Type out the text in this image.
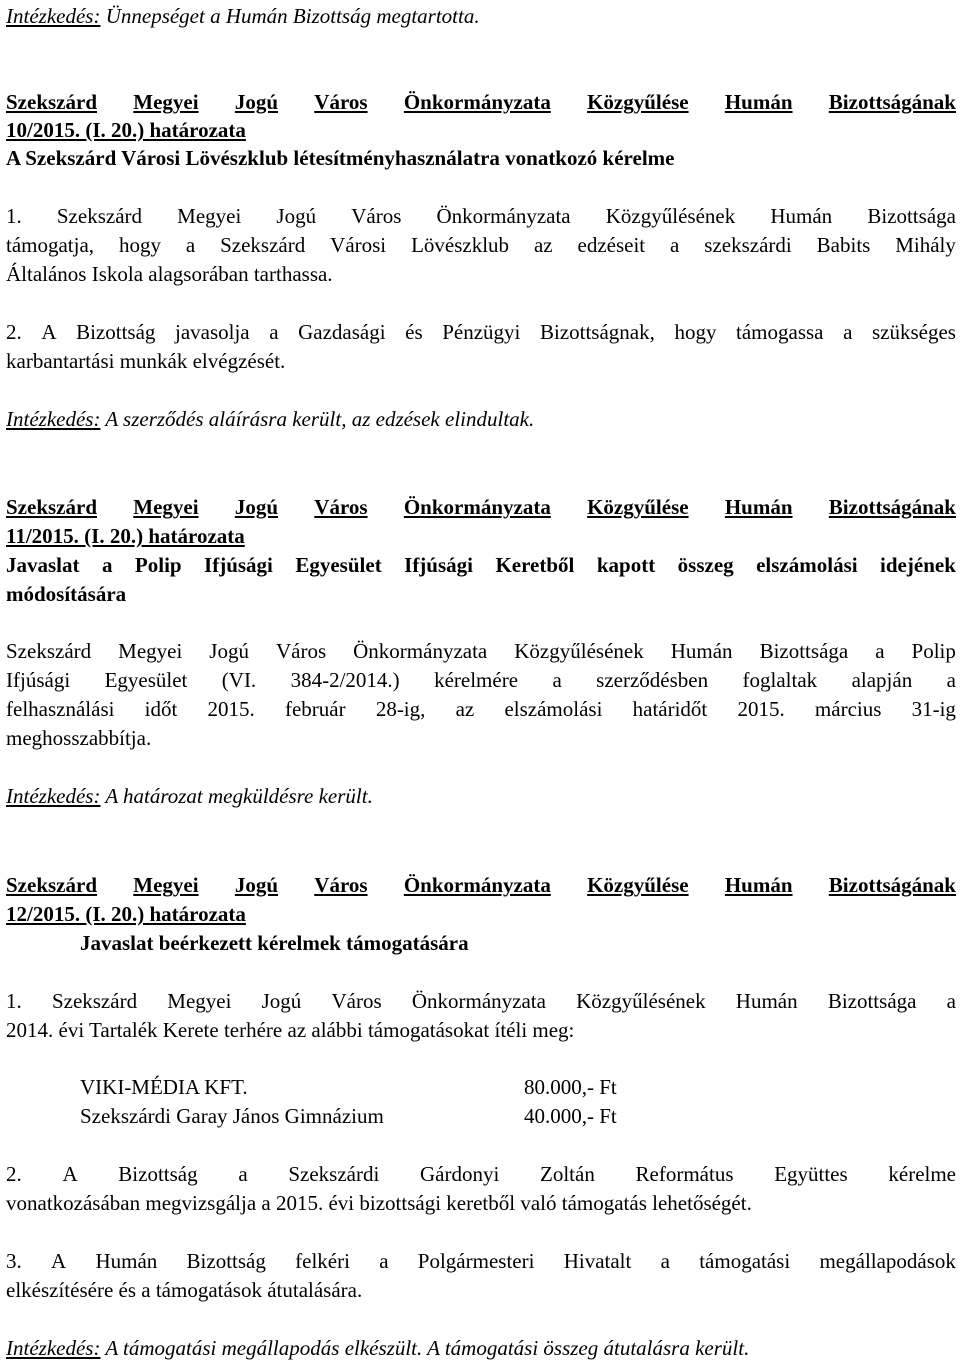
Intézkedés: Ünnepséget a Humán Bizottság megtartotta.
Szekszárd Megyei Jogú Város Önkormányzata Közgyűlése Humán Bizottságának
10/2015. (I. 20.) határozata
A Szekszárd Városi Lövészklub létesítményhasználatra vonatkozó kérelme
1. Szekszárd Megyei Jogú Város Önkormányzata Közgyűlésének Humán Bizottsága
támogatja, hogy a Szekszárd Városi Lövészklub az edzéseit a szekszárdi Babits Mihály
Általános Iskola alagsorában tarthassa.
2. A Bizottság javasolja a Gazdasági és Pénzügyi Bizottságnak, hogy támogassa a szükséges
karbantartási munkák elvégzését.
Intézkedés: A szerződés aláírásra került, az edzések elindultak.
Szekszárd Megyei Jogú Város Önkormányzata Közgyűlése Humán Bizottságának
11/2015. (I. 20.) határozata
Javaslat a Polip Ifjúsági Egyesület Ifjúsági Keretből kapott összeg elszámolási idejének
módosítására
Szekszárd Megyei Jogú Város Önkormányzata Közgyűlésének Humán Bizottsága a Polip
Ifjúsági Egyesület (VI. 384-2/2014.) kérelmére a szerződésben foglaltak alapján a
felhasználási időt 2015. február 28-ig, az elszámolási határidőt 2015. március 31-ig
meghosszabbítja.
Intézkedés: A határozat megküldésre került.
Szekszárd Megyei Jogú Város Önkormányzata Közgyűlése Humán Bizottságának
12/2015. (I. 20.) határozata
Javaslat beérkezett kérelmek támogatására
1. Szekszárd Megyei Jogú Város Önkormányzata Közgyűlésének Humán Bizottsága a
2014. évi Tartalék Kerete terhére az alábbi támogatásokat ítéli meg:
VIKI-MÉDIA KFT.	80.000,- Ft
Szekszárdi Garay János Gimnázium	40.000,- Ft
2. A Bizottság a Szekszárdi Gárdonyi Zoltán Református Együttes kérelme
vonatkozásában megvizsgálja a 2015. évi bizottsági keretből való támogatás lehetőségét.
3. A Humán Bizottság felkéri a Polgármesteri Hivatalt a támogatási megállapodások
elkészítésére és a támogatások átutalására.
Intézkedés: A támogatási megállapodás elkészült. A támogatási összeg átutalásra került.
